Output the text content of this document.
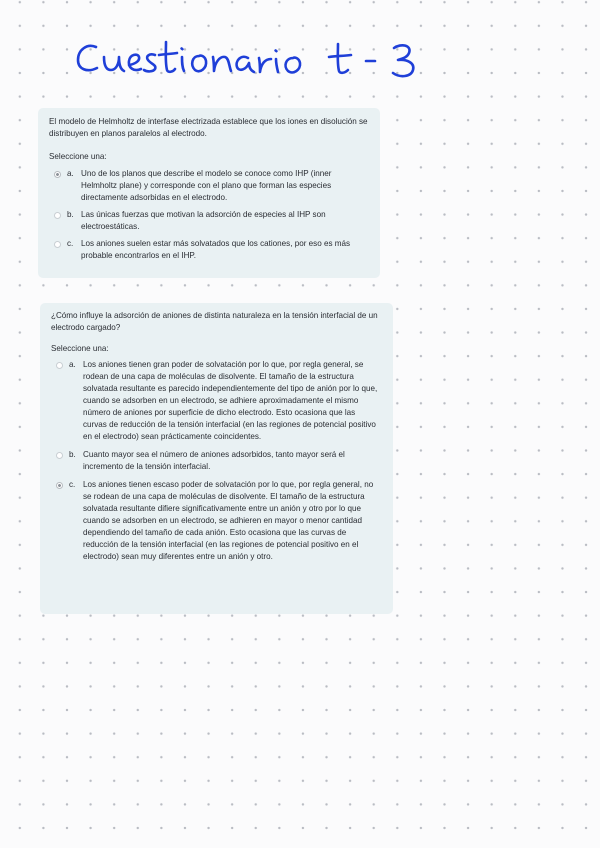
El modelo de Helmholtz de interfase electrizada establece que los iones en disolución se distribuyen en planos paralelos al electrodo.

Seleccione una:
a. Uno de los planos que describe el modelo se conoce como IHP (inner Helmholtz plane) y corresponde con el plano que forman las especies directamente adsorbidas en el electrodo.
b. Las únicas fuerzas que motivan la adsorción de especies al IHP son electroestáticas.
c. Los aniones suelen estar más solvatados que los cationes, por eso es más probable encontrarlos en el IHP.

¿Cómo influye la adsorción de aniones de distinta naturaleza en la tensión interfacial de un electrodo cargado?

Seleccione una:
a. Los aniones tienen gran poder de solvatación por lo que, por regla general, se rodean de una capa de moléculas de disolvente. El tamaño de la estructura solvatada resultante es parecido independientemente del tipo de anión por lo que, cuando se adsorben en un electrodo, se adhiere aproximadamente el mismo número de aniones por superficie de dicho electrodo. Esto ocasiona que las curvas de reducción de la tensión interfacial (en las regiones de potencial positivo en el electrodo) sean prácticamente coincidentes.
b. Cuanto mayor sea el número de aniones adsorbidos, tanto mayor será el incremento de la tensión interfacial.
c. Los aniones tienen escaso poder de solvatación por lo que, por regla general, no se rodean de una capa de moléculas de disolvente. El tamaño de la estructura solvatada resultante difiere significativamente entre un anión y otro por lo que cuando se adsorben en un electrodo, se adhieren en mayor o menor cantidad dependiendo del tamaño de cada anión. Esto ocasiona que las curvas de reducción de la tensión interfacial (en las regiones de potencial positivo en el electrodo) sean muy diferentes entre un anión y otro.
